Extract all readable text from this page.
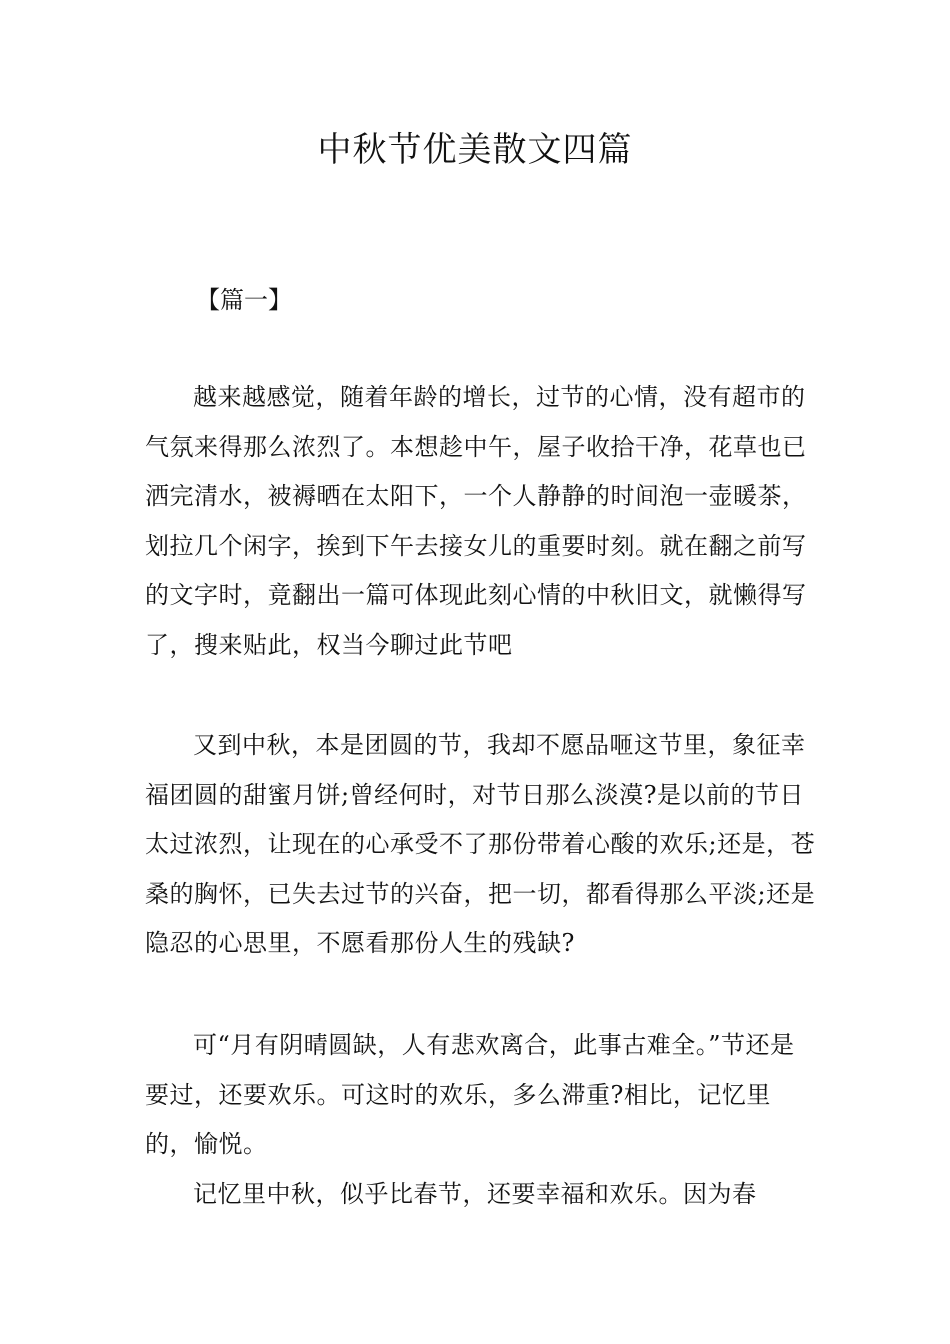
中秋节优美散文四篇

【篇一】

越来越感觉，随着年龄的增长，过节的心情，没有超市的气氛来得那么浓烈了。本想趁中午，屋子收拾干净，花草也已洒完清水，被褥晒在太阳下，一个人静静的时间泡一壶暖茶，划拉几个闲字，挨到下午去接女儿的重要时刻。就在翻之前写的文字时，竟翻出一篇可体现此刻心情的中秋旧文，就懒得写了，搜来贴此，权当今聊过此节吧

又到中秋，本是团圆的节，我却不愿品咂这节里，象征幸福团圆的甜蜜月饼;曾经何时，对节日那么淡漠?是以前的节日太过浓烈，让现在的心承受不了那份带着心酸的欢乐;还是，苍桑的胸怀，已失去过节的兴奋，把一切，都看得那么平淡;还是隐忍的心思里，不愿看那份人生的残缺?

可“月有阴晴圆缺，人有悲欢离合，此事古难全。”节还是要过，还要欢乐。可这时的欢乐，多么滞重?相比，记忆里的，愉悦。

记忆里中秋，似乎比春节，还要幸福和欢乐。因为春
